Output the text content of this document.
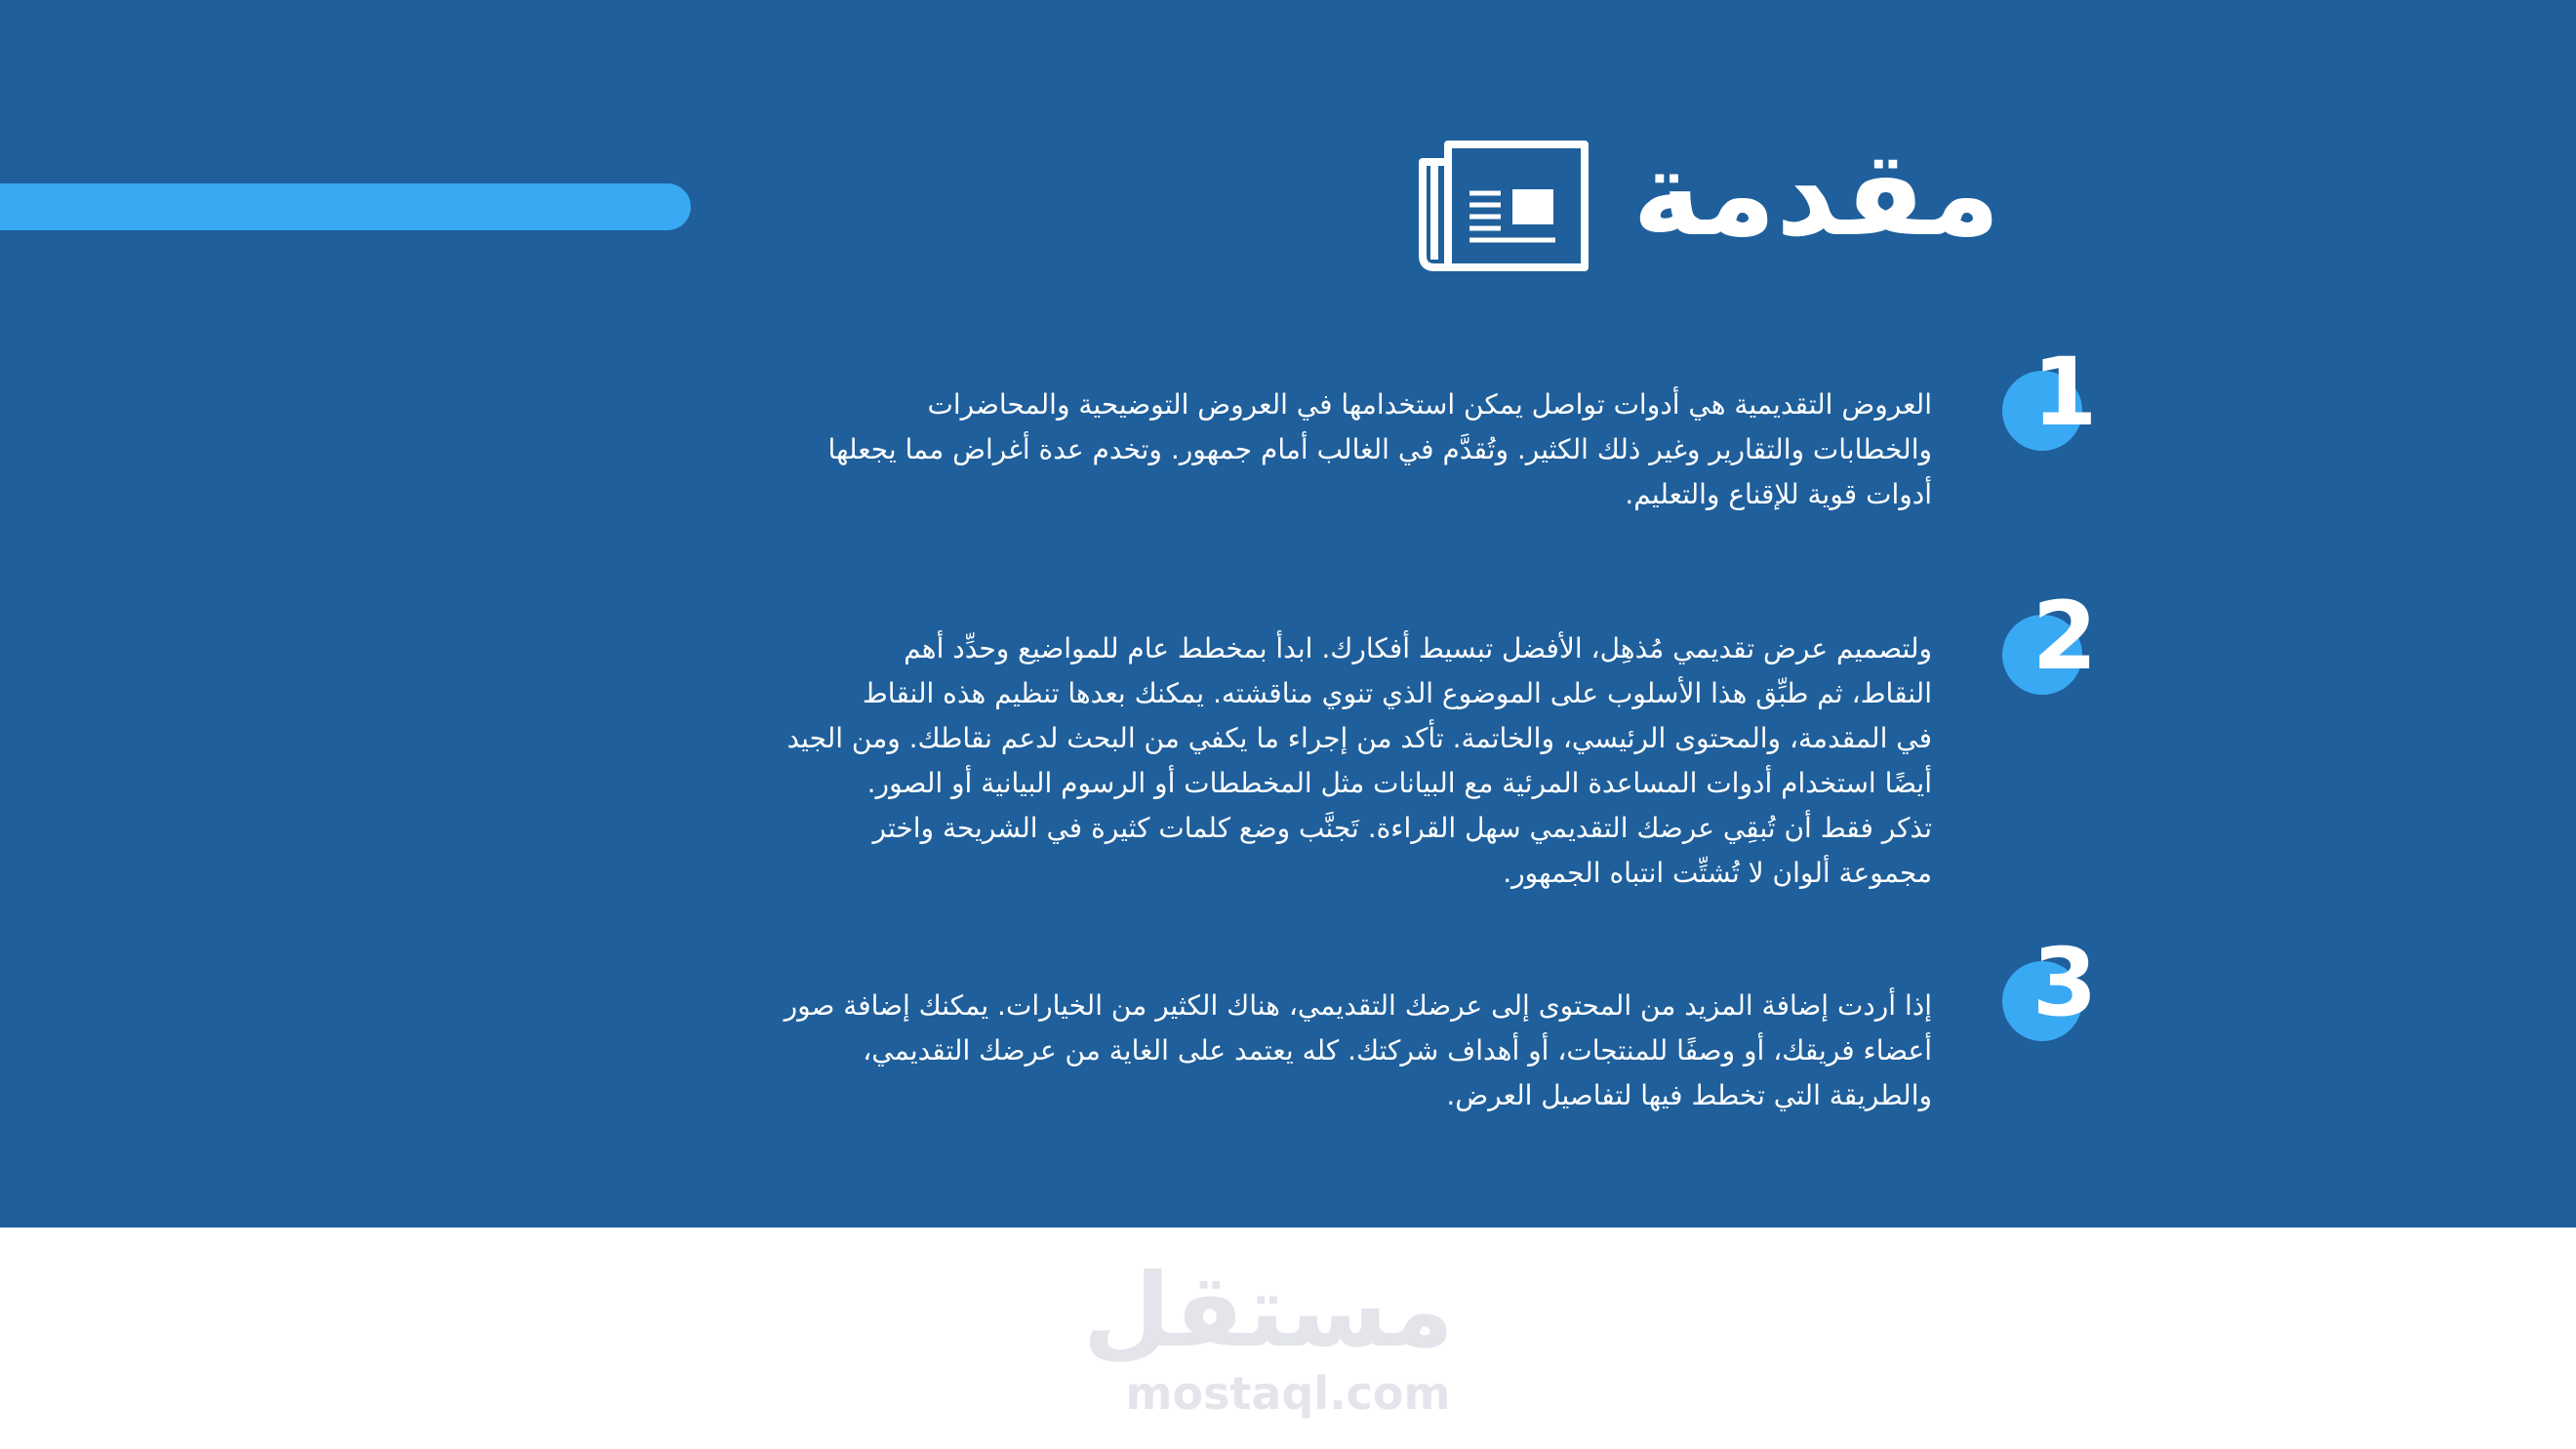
مقدمة
1

العروض التقديمية هي أدوات تواصل يمكن استخدامها في العروض التوضيحية والمحاضرات

والخطابات والتقارير وغير ذلك الكثير. وتُقدَّم في الغالب أمام جمهور. وتخدم عدة أغراض مما يجعلها

أدوات قوية للإقناع والتعليم.

2

ولتصميم عرض تقديمي مُذهِل، الأفضل تبسيط أفكارك. ابدأ بمخطط عام للمواضيع وحدِّد أهم

النقاط، ثم طبِّق هذا الأسلوب على الموضوع الذي تنوي مناقشته. يمكنك بعدها تنظيم هذه النقاط

في المقدمة، والمحتوى الرئيسي، والخاتمة. تأكد من إجراء ما يكفي من البحث لدعم نقاطك. ومن الجيد

أيضًا استخدام أدوات المساعدة المرئية مع البيانات مثل المخططات أو الرسوم البيانية أو الصور.

تذكر فقط أن تُبقِي عرضك التقديمي سهل القراءة. تَجنَّب وضع كلمات كثيرة في الشريحة واختر

مجموعة ألوان لا تُشتِّت انتباه الجمهور.

3

إذا أردت إضافة المزيد من المحتوى إلى عرضك التقديمي، هناك الكثير من الخيارات. يمكنك إضافة صور

أعضاء فريقك، أو وصفًا للمنتجات، أو أهداف شركتك. كله يعتمد على الغاية من عرضك التقديمي،

والطريقة التي تخطط فيها لتفاصيل العرض.

مستقل
mostaql.com
